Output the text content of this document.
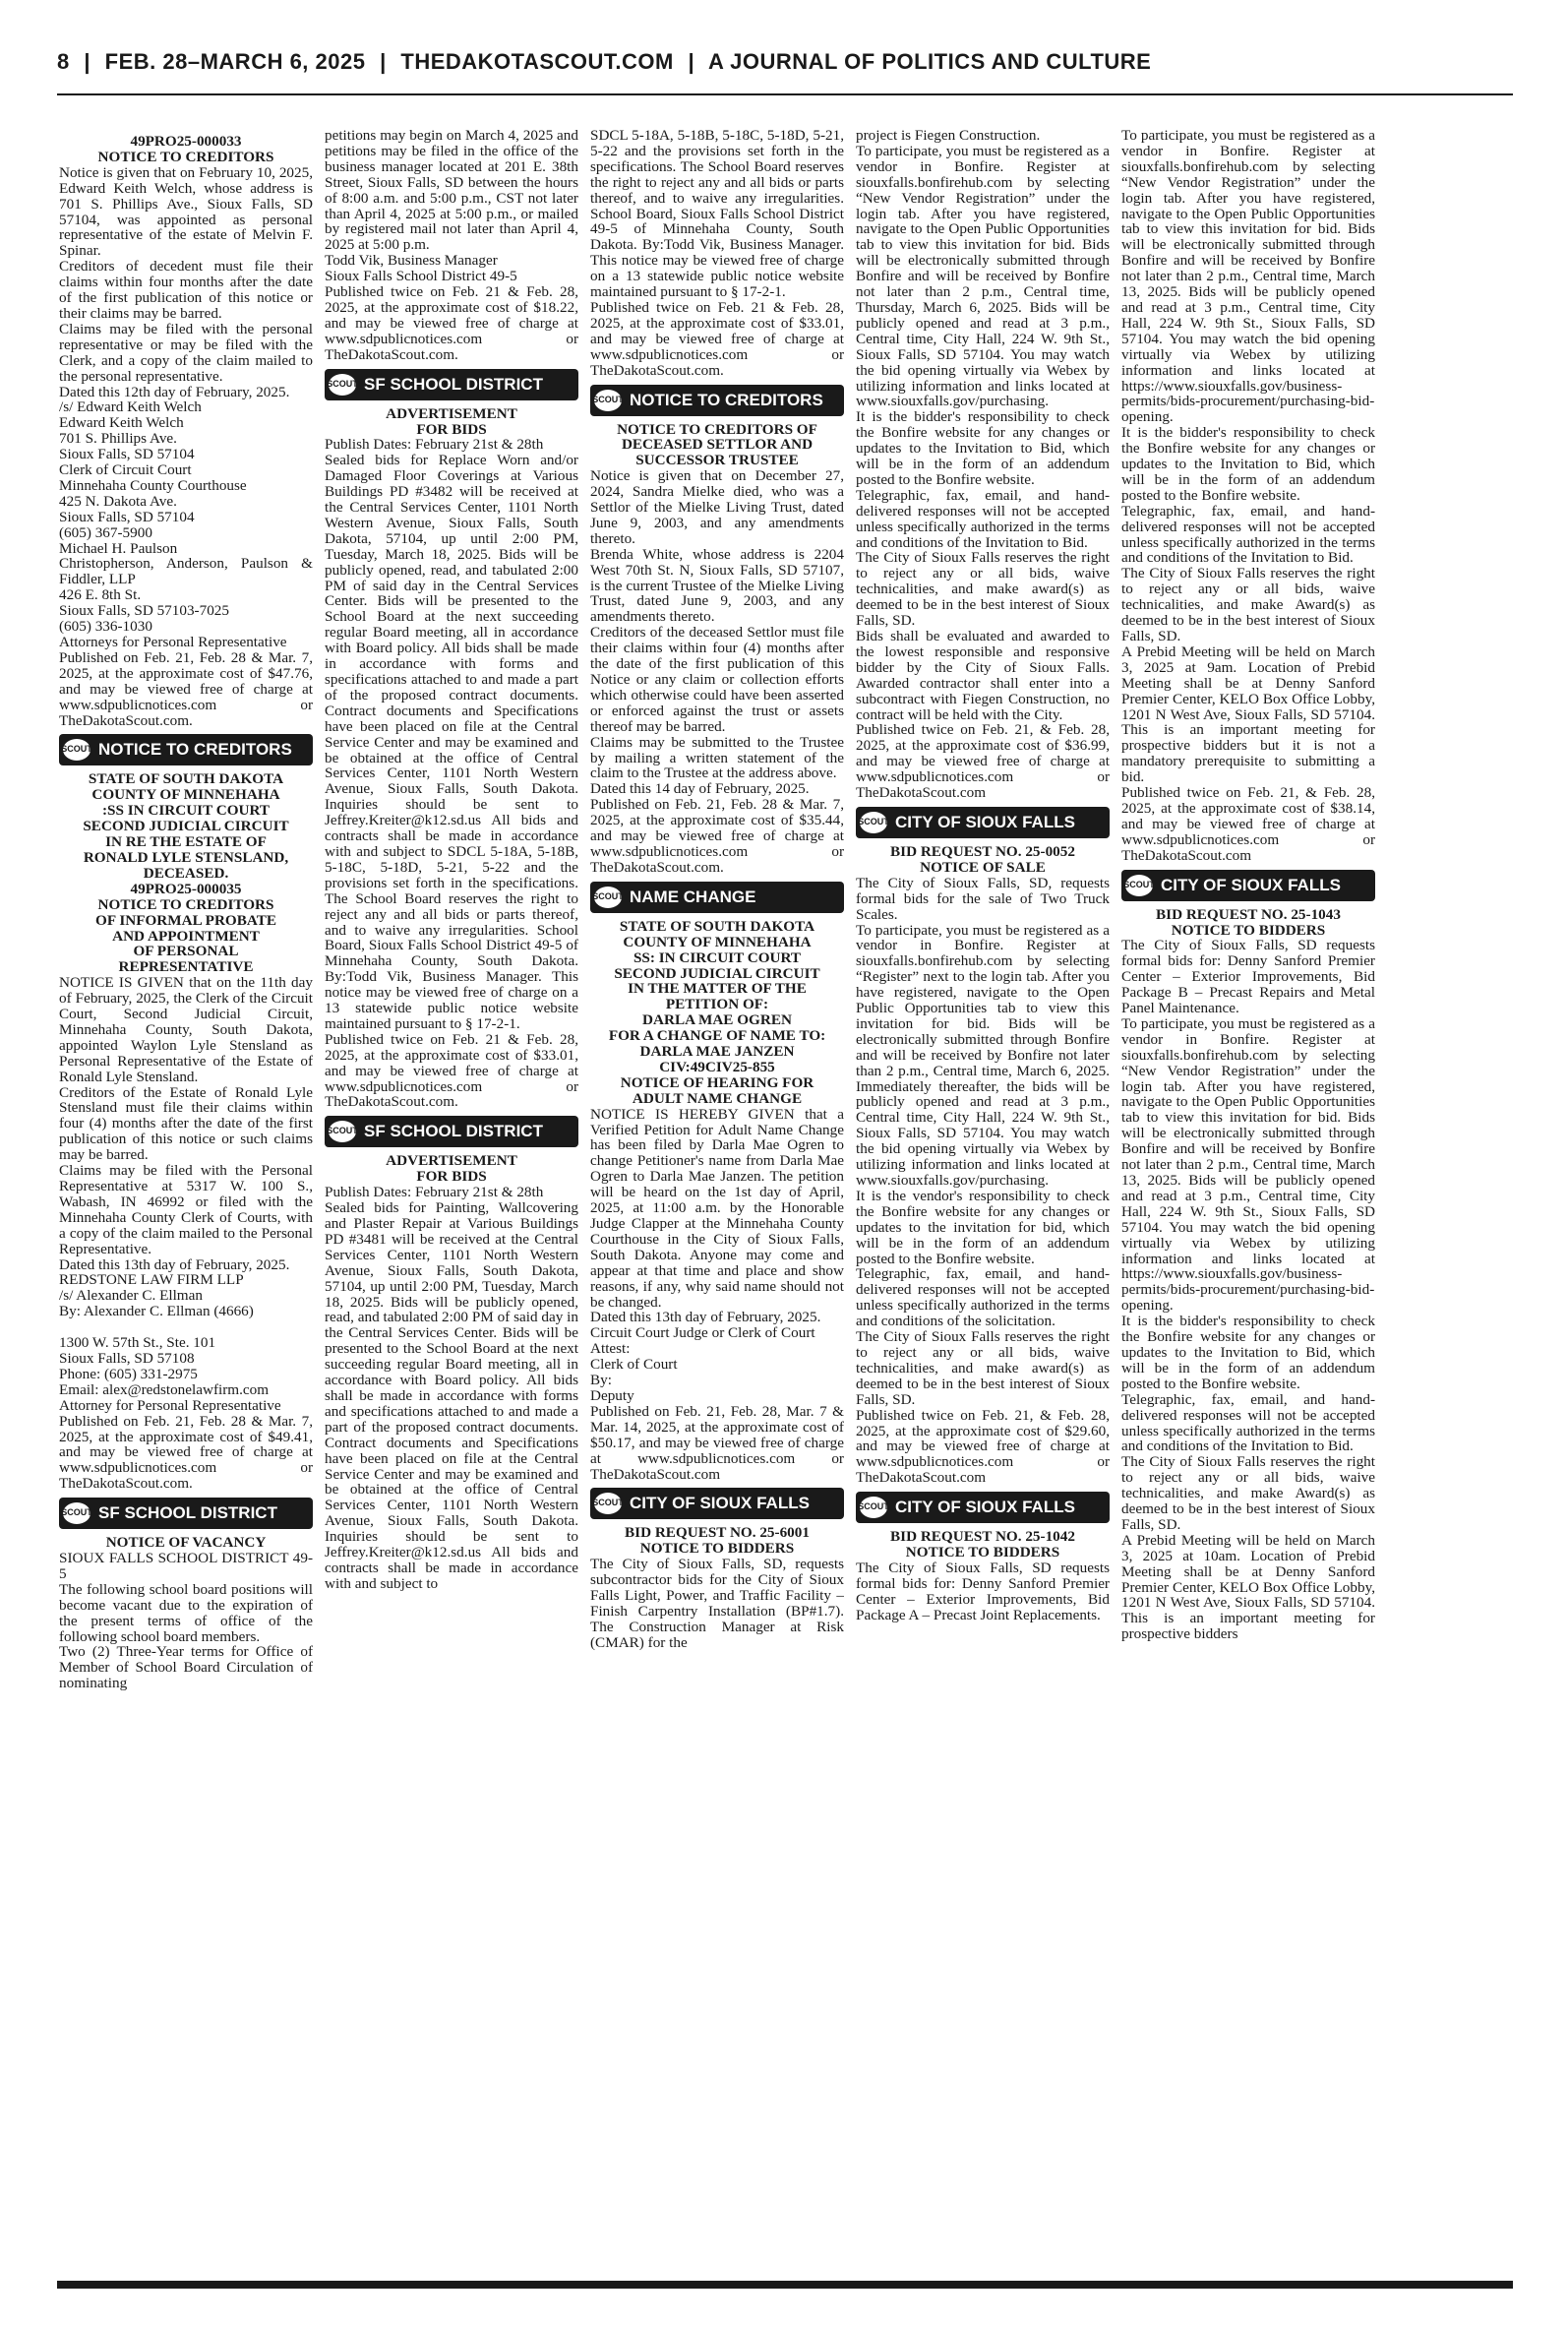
8 | FEB. 28–MARCH 6, 2025 | THEDAKOTASCOUT.COM | A JOURNAL OF POLITICS AND CULTURE
49PRO25-000033
NOTICE TO CREDITORS

Notice is given that on February 10, 2025, Edward Keith Welch, whose address is 701 S. Phillips Ave., Sioux Falls, SD 57104, was appointed as personal representative of the estate of Melvin F. Spinar.

Creditors of decedent must file their claims within four months after the date of the first publication of this notice or their claims may be barred.

Claims may be filed with the personal representative or may be filed with the Clerk, and a copy of the claim mailed to the personal representative.

Dated this 12th day of February, 2025.

/s/ Edward Keith Welch

Edward Keith Welch

701 S. Phillips Ave.

Sioux Falls, SD 57104

Clerk of Circuit Court

Minnehaha County Courthouse

425 N. Dakota Ave.

Sioux Falls, SD 57104

(605) 367-5900

Michael H. Paulson

Christopherson, Anderson, Paulson & Fiddler, LLP

426 E. 8th St.

Sioux Falls, SD 57103-7025

(605) 336-1030

Attorneys for Personal Representative

Published on Feb. 21, Feb. 28 & Mar. 7, 2025, at the approximate cost of $47.76, and may be viewed free of charge at www.sdpublicnotices.com or TheDakotaScout.com.

SCOUT NOTICE TO CREDITORS
STATE OF SOUTH DAKOTA
COUNTY OF MINNEHAHA
:SS IN CIRCUIT COURT
SECOND JUDICIAL CIRCUIT
IN RE THE ESTATE OF
RONALD LYLE STENSLAND,
DECEASED.
49PRO25-000035
NOTICE TO CREDITORS
OF INFORMAL PROBATE
AND APPOINTMENT
OF PERSONAL
REPRESENTATIVE

NOTICE IS GIVEN that on the 11th day of February, 2025, the Clerk of the Circuit Court, Second Judicial Circuit, Minnehaha County, South Dakota, appointed Waylon Lyle Stensland as Personal Representative of the Estate of Ronald Lyle Stensland.

Creditors of the Estate of Ronald Lyle Stensland must file their claims within four (4) months after the date of the first publication of this notice or such claims may be barred.

Claims may be filed with the Personal Representative at 5317 W. 100 S., Wabash, IN 46992 or filed with the Minnehaha County Clerk of Courts, with a copy of the claim mailed to the Personal Representative.

Dated this 13th day of February, 2025.

REDSTONE LAW FIRM LLP

/s/ Alexander C. Ellman

By: Alexander C. Ellman (4666)

1300 W. 57th St., Ste. 101

Sioux Falls, SD 57108

Phone: (605) 331-2975

Email: alex@redstonelawfirm.com

Attorney for Personal Representative

Published on Feb. 21, Feb. 28 & Mar. 7, 2025, at the approximate cost of $49.41, and may be viewed free of charge at www.sdpublicnotices.com or TheDakotaScout.com.

SCOUT SF SCHOOL DISTRICT
NOTICE OF VACANCY

SIOUX FALLS SCHOOL DISTRICT 49-5

The following school board positions will become vacant due to the expiration of the present terms of office of the following school board members.

Two (2) Three-Year terms for Office of Member of School Board Circulation of nominating

petitions may begin on March 4, 2025 and petitions may be filed in the office of the business manager located at 201 E. 38th Street, Sioux Falls, SD between the hours of 8:00 a.m. and 5:00 p.m., CST not later than April 4, 2025 at 5:00 p.m., or mailed by registered mail not later than April 4, 2025 at 5:00 p.m.

Todd Vik, Business Manager

Sioux Falls School District 49-5

Published twice on Feb. 21 & Feb. 28, 2025, at the approximate cost of $18.22, and may be viewed free of charge at www.sdpublicnotices.com or TheDakotaScout.com.

SCOUT SF SCHOOL DISTRICT
ADVERTISEMENT
FOR BIDS

Publish Dates: February 21st & 28th

Sealed bids for Replace Worn and/or Damaged Floor Coverings at Various Buildings PD #3482 will be received at the Central Services Center, 1101 North Western Avenue, Sioux Falls, South Dakota, 57104, up until 2:00 PM, Tuesday, March 18, 2025. Bids will be publicly opened, read, and tabulated 2:00 PM of said day in the Central Services Center. Bids will be presented to the School Board at the next succeeding regular Board meeting, all in accordance with Board policy. All bids shall be made in accordance with forms and specifications attached to and made a part of the proposed contract documents. Contract documents and Specifications have been placed on file at the Central Service Center and may be examined and be obtained at the office of Central Services Center, 1101 North Western Avenue, Sioux Falls, South Dakota. Inquiries should be sent to Jeffrey.Kreiter@k12.sd.us All bids and contracts shall be made in accordance with and subject to SDCL 5-18A, 5-18B, 5-18C, 5-18D, 5-21, 5-22 and the provisions set forth in the specifications. The School Board reserves the right to reject any and all bids or parts thereof, and to waive any irregularities. School Board, Sioux Falls School District 49-5 of Minnehaha County, South Dakota. By:Todd Vik, Business Manager. This notice may be viewed free of charge on a 13 statewide public notice website maintained pursuant to § 17-2-1.

Published twice on Feb. 21 & Feb. 28, 2025, at the approximate cost of $33.01, and may be viewed free of charge at www.sdpublicnotices.com or TheDakotaScout.com.

SCOUT SF SCHOOL DISTRICT
ADVERTISEMENT
FOR BIDS

Publish Dates: February 21st & 28th

Sealed bids for Painting, Wallcovering and Plaster Repair at Various Buildings PD #3481 will be received at the Central Services Center, 1101 North Western Avenue, Sioux Falls, South Dakota, 57104, up until 2:00 PM, Tuesday, March 18, 2025. Bids will be publicly opened, read, and tabulated 2:00 PM of said day in the Central Services Center. Bids will be presented to the School Board at the next succeeding regular Board meeting, all in accordance with Board policy. All bids shall be made in accordance with forms and specifications attached to and made a part of the proposed contract documents. Contract documents and Specifications have been placed on file at the Central Service Center and may be examined and be obtained at the office of Central Services Center, 1101 North Western Avenue, Sioux Falls, South Dakota. Inquiries should be sent to Jeffrey.Kreiter@k12.sd.us All bids and contracts shall be made in accordance with and subject to

SDCL 5-18A, 5-18B, 5-18C, 5-18D, 5-21, 5-22 and the provisions set forth in the specifications. The School Board reserves the right to reject any and all bids or parts thereof, and to waive any irregularities. School Board, Sioux Falls School District 49-5 of Minnehaha County, South Dakota. By:Todd Vik, Business Manager. This notice may be viewed free of charge on a 13 statewide public notice website maintained pursuant to § 17-2-1.

Published twice on Feb. 21 & Feb. 28, 2025, at the approximate cost of $33.01, and may be viewed free of charge at www.sdpublicnotices.com or TheDakotaScout.com.

SCOUT NOTICE TO CREDITORS
NOTICE TO CREDITORS OF
DECEASED SETTLOR AND
SUCCESSOR TRUSTEE

Notice is given that on December 27, 2024, Sandra Mielke died, who was a Settlor of the Mielke Living Trust, dated June 9, 2003, and any amendments thereto.

Brenda White, whose address is 2204 West 70th St. N, Sioux Falls, SD 57107, is the current Trustee of the Mielke Living Trust, dated June 9, 2003, and any amendments thereto.

Creditors of the deceased Settlor must file their claims within four (4) months after the date of the first publication of this Notice or any claim or collection efforts which otherwise could have been asserted or enforced against the trust or assets thereof may be barred.

Claims may be submitted to the Trustee by mailing a written statement of the claim to the Trustee at the address above.

Dated this 14 day of February, 2025.

Published on Feb. 21, Feb. 28 & Mar. 7, 2025, at the approximate cost of $35.44, and may be viewed free of charge at www.sdpublicnotices.com or TheDakotaScout.com.

SCOUT NAME CHANGE
STATE OF SOUTH DAKOTA
COUNTY OF MINNEHAHA
SS: IN CIRCUIT COURT
SECOND JUDICIAL CIRCUIT
IN THE MATTER OF THE
PETITION OF:
DARLA MAE OGREN
FOR A CHANGE OF NAME TO:
DARLA MAE JANZEN
CIV:49CIV25-855
NOTICE OF HEARING FOR
ADULT NAME CHANGE

NOTICE IS HEREBY GIVEN that a Verified Petition for Adult Name Change has been filed by Darla Mae Ogren to change Petitioner's name from Darla Mae Ogren to Darla Mae Janzen. The petition will be heard on the 1st day of April, 2025, at 11:00 a.m. by the Honorable Judge Clapper at the Minnehaha County Courthouse in the City of Sioux Falls, South Dakota. Anyone may come and appear at that time and place and show reasons, if any, why said name should not be changed.

Dated this 13th day of February, 2025.

Circuit Court Judge or Clerk of Court

Attest:

Clerk of Court

By:

Deputy

Published on Feb. 21, Feb. 28, Mar. 7 & Mar. 14, 2025, at the approximate cost of $50.17, and may be viewed free of charge at www.sdpublicnotices.com or TheDakotaScout.com

SCOUT CITY OF SIOUX FALLS
BID REQUEST NO. 25-6001
NOTICE TO BIDDERS

The City of Sioux Falls, SD, requests subcontractor bids for the City of Sioux Falls Light, Power, and Traffic Facility – Finish Carpentry Installation (BP#1.7). The Construction Manager at Risk (CMAR) for the

project is Fiegen Construction.

To participate, you must be registered as a vendor in Bonfire. Register at siouxfalls.bonfirehub.com by selecting “New Vendor Registration” under the login tab. After you have registered, navigate to the Open Public Opportunities tab to view this invitation for bid. Bids will be electronically submitted through Bonfire and will be received by Bonfire not later than 2 p.m., Central time, Thursday, March 6, 2025. Bids will be publicly opened and read at 3 p.m., Central time, City Hall, 224 W. 9th St., Sioux Falls, SD 57104. You may watch the bid opening virtually via Webex by utilizing information and links located at www.siouxfalls.gov/purchasing.

It is the bidder's responsibility to check the Bonfire website for any changes or updates to the Invitation to Bid, which will be in the form of an addendum posted to the Bonfire website.

Telegraphic, fax, email, and hand-delivered responses will not be accepted unless specifically authorized in the terms and conditions of the Invitation to Bid.

The City of Sioux Falls reserves the right to reject any or all bids, waive technicalities, and make award(s) as deemed to be in the best interest of Sioux Falls, SD.

Bids shall be evaluated and awarded to the lowest responsible and responsive bidder by the City of Sioux Falls. Awarded contractor shall enter into a subcontract with Fiegen Construction, no contract will be held with the City.

Published twice on Feb. 21, & Feb. 28, 2025, at the approximate cost of $36.99, and may be viewed free of charge at www.sdpublicnotices.com or TheDakotaScout.com

SCOUT CITY OF SIOUX FALLS
BID REQUEST NO. 25-0052
NOTICE OF SALE

The City of Sioux Falls, SD, requests formal bids for the sale of Two Truck Scales.

To participate, you must be registered as a vendor in Bonfire. Register at siouxfalls.bonfirehub.com by selecting “Register” next to the login tab. After you have registered, navigate to the Open Public Opportunities tab to view this invitation for bid. Bids will be electronically submitted through Bonfire and will be received by Bonfire not later than 2 p.m., Central time, March 6, 2025. Immediately thereafter, the bids will be publicly opened and read at 3 p.m., Central time, City Hall, 224 W. 9th St., Sioux Falls, SD 57104. You may watch the bid opening virtually via Webex by utilizing information and links located at www.siouxfalls.gov/purchasing.

It is the vendor's responsibility to check the Bonfire website for any changes or updates to the invitation for bid, which will be in the form of an addendum posted to the Bonfire website.

Telegraphic, fax, email, and hand-delivered responses will not be accepted unless specifically authorized in the terms and conditions of the solicitation.

The City of Sioux Falls reserves the right to reject any or all bids, waive technicalities, and make award(s) as deemed to be in the best interest of Sioux Falls, SD.

Published twice on Feb. 21, & Feb. 28, 2025, at the approximate cost of $29.60, and may be viewed free of charge at www.sdpublicnotices.com or TheDakotaScout.com

SCOUT CITY OF SIOUX FALLS
BID REQUEST NO. 25-1042
NOTICE TO BIDDERS

The City of Sioux Falls, SD requests formal bids for: Denny Sanford Premier Center – Exterior Improvements, Bid Package A – Precast Joint Replacements.

To participate, you must be registered as a vendor in Bonfire. Register at siouxfalls.bonfirehub.com by selecting “New Vendor Registration” under the login tab. After you have registered, navigate to the Open Public Opportunities tab to view this invitation for bid. Bids will be electronically submitted through Bonfire and will be received by Bonfire not later than 2 p.m., Central time, March 13, 2025. Bids will be publicly opened and read at 3 p.m., Central time, City Hall, 224 W. 9th St., Sioux Falls, SD 57104. You may watch the bid opening virtually via Webex by utilizing information and links located at https://www.siouxfalls.gov/business-permits/bids-procurement/purchasing-bid-opening.

It is the bidder's responsibility to check the Bonfire website for any changes or updates to the Invitation to Bid, which will be in the form of an addendum posted to the Bonfire website.

Telegraphic, fax, email, and hand-delivered responses will not be accepted unless specifically authorized in the terms and conditions of the Invitation to Bid.

The City of Sioux Falls reserves the right to reject any or all bids, waive technicalities, and make Award(s) as deemed to be in the best interest of Sioux Falls, SD.

A Prebid Meeting will be held on March 3, 2025 at 9am. Location of Prebid Meeting shall be at Denny Sanford Premier Center, KELO Box Office Lobby, 1201 N West Ave, Sioux Falls, SD 57104. This is an important meeting for prospective bidders but it is not a mandatory prerequisite to submitting a bid.

Published twice on Feb. 21, & Feb. 28, 2025, at the approximate cost of $38.14, and may be viewed free of charge at www.sdpublicnotices.com or TheDakotaScout.com

SCOUT CITY OF SIOUX FALLS
BID REQUEST NO. 25-1043
NOTICE TO BIDDERS

The City of Sioux Falls, SD requests formal bids for: Denny Sanford Premier Center – Exterior Improvements, Bid Package B – Precast Repairs and Metal Panel Maintenance.

To participate, you must be registered as a vendor in Bonfire. Register at siouxfalls.bonfirehub.com by selecting “New Vendor Registration” under the login tab. After you have registered, navigate to the Open Public Opportunities tab to view this invitation for bid. Bids will be electronically submitted through Bonfire and will be received by Bonfire not later than 2 p.m., Central time, March 13, 2025. Bids will be publicly opened and read at 3 p.m., Central time, City Hall, 224 W. 9th St., Sioux Falls, SD 57104. You may watch the bid opening virtually via Webex by utilizing information and links located at https://www.siouxfalls.gov/business-permits/bids-procurement/purchasing-bid-opening.

It is the bidder's responsibility to check the Bonfire website for any changes or updates to the Invitation to Bid, which will be in the form of an addendum posted to the Bonfire website.

Telegraphic, fax, email, and hand-delivered responses will not be accepted unless specifically authorized in the terms and conditions of the Invitation to Bid.

The City of Sioux Falls reserves the right to reject any or all bids, waive technicalities, and make Award(s) as deemed to be in the best interest of Sioux Falls, SD.

A Prebid Meeting will be held on March 3, 2025 at 10am. Location of Prebid Meeting shall be at Denny Sanford Premier Center, KELO Box Office Lobby, 1201 N West Ave, Sioux Falls, SD 57104. This is an important meeting for prospective bidders
